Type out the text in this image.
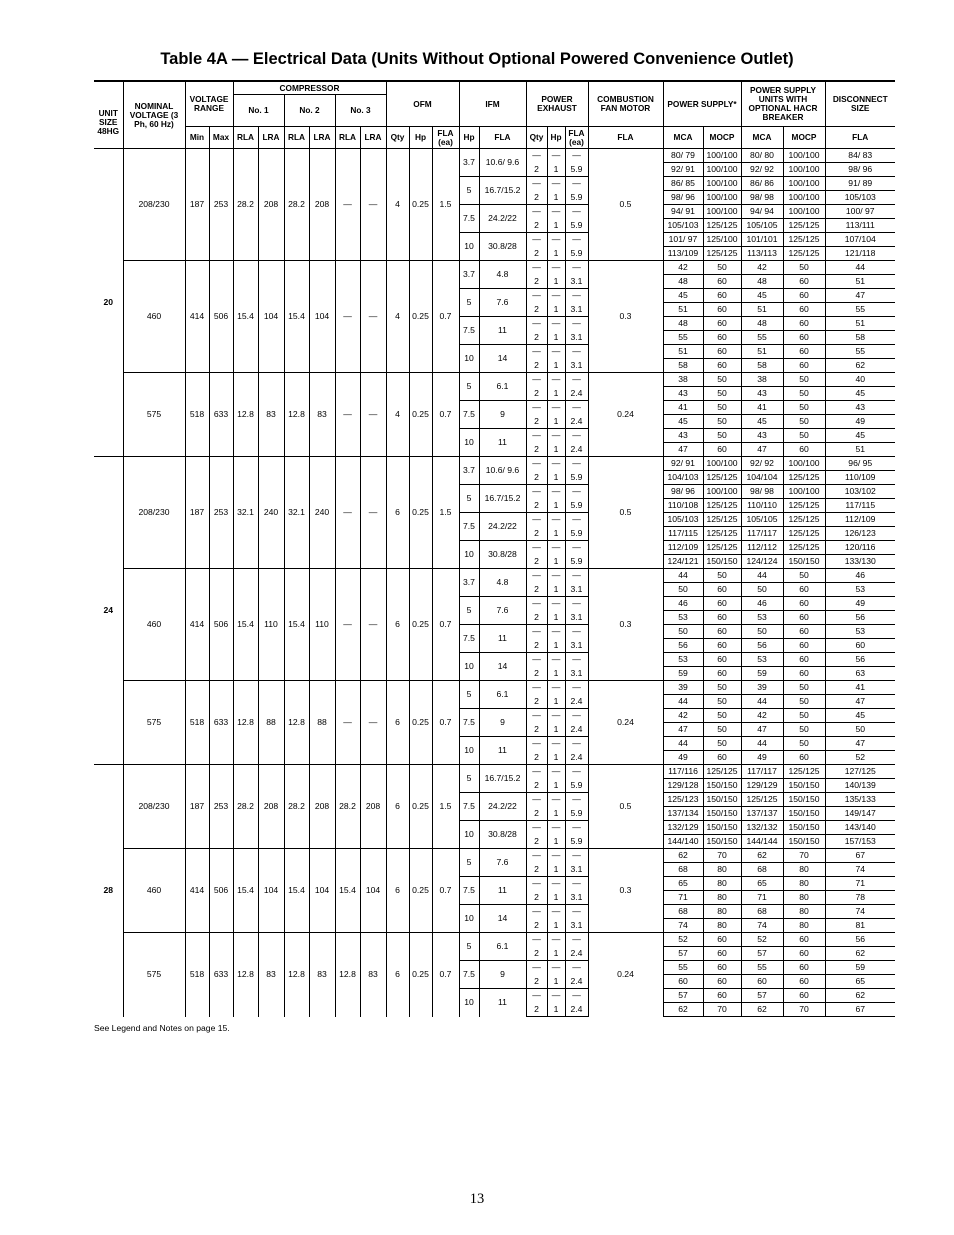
Table 4A — Electrical Data (Units Without Optional Powered Convenience Outlet)
UNIT SIZE 48HG	NOMINAL VOLTAGE (3 Ph, 60 Hz)	VOLTAGE RANGE		COMPRESSOR						OFM			IFM		POWER EXHAUST			COMBUSTION FAN MOTOR	POWER SUPPLY*		POWER SUPPLY UNITS WITH OPTIONAL HACR BREAKER		DISCONNECT SIZE
				No. 1		No. 2		No. 3															
		Min	Max	RLA	LRA	RLA	LRA	RLA	LRA	Qty	Hp	FLA (ea)	Hp	FLA	Qty	Hp	FLA (ea)	FLA	MCA	MOCP	MCA	MOCP	FLA
20	208/230	187	253	28.2	208	28.2	208	—	—	4	0.25	1.5	3.7	10.6/ 9.6	—	—	—	0.5	80/ 79	100/100	80/ 80	100/100	84/ 83
															2	1	5.9		92/ 91	100/100	92/ 92	100/100	98/ 96
													5	16.7/15.2	—	—	—		86/ 85	100/100	86/ 86	100/100	91/ 89
															2	1	5.9		98/ 96	100/100	98/ 98	100/100	105/103
													7.5	24.2/22	—	—	—		94/ 91	100/100	94/ 94	100/100	100/ 97
															2	1	5.9		105/103	125/125	105/105	125/125	113/111
													10	30.8/28	—	—	—		101/ 97	125/100	101/101	125/125	107/104
															2	1	5.9		113/109	125/125	113/113	125/125	121/118
	460	414	506	15.4	104	15.4	104	—	—	4	0.25	0.7	3.7	4.8	—	—	—	0.3	42	50	42	50	44
															2	1	3.1		48	60	48	60	51
													5	7.6	—	—	—		45	60	45	60	47
															2	1	3.1		51	60	51	60	55
													7.5	11	—	—	—		48	60	48	60	51
															2	1	3.1		55	60	55	60	58
													10	14	—	—	—		51	60	51	60	55
															2	1	3.1		58	60	58	60	62
	575	518	633	12.8	83	12.8	83	—	—	4	0.25	0.7	5	6.1	—	—	—	0.24	38	50	38	50	40
															2	1	2.4		43	50	43	50	45
													7.5	9	—	—	—		41	50	41	50	43
															2	1	2.4		45	50	45	50	49
													10	11	—	—	—		43	50	43	50	45
															2	1	2.4		47	60	47	60	51
24	208/230	187	253	32.1	240	32.1	240	—	—	6	0.25	1.5	3.7	10.6/ 9.6	—	—	—	0.5	92/ 91	100/100	92/ 92	100/100	96/ 95
															2	1	5.9		104/103	125/125	104/104	125/125	110/109
													5	16.7/15.2	—	—	—		98/ 96	100/100	98/ 98	100/100	103/102
															2	1	5.9		110/108	125/125	110/110	125/125	117/115
													7.5	24.2/22	—	—	—		105/103	125/125	105/105	125/125	112/109
															2	1	5.9		117/115	125/125	117/117	125/125	126/123
													10	30.8/28	—	—	—		112/109	125/125	112/112	125/125	120/116
															2	1	5.9		124/121	150/150	124/124	150/150	133/130
	460	414	506	15.4	110	15.4	110	—	—	6	0.25	0.7	3.7	4.8	—	—	—	0.3	44	50	44	50	46
															2	1	3.1		50	60	50	60	53
													5	7.6	—	—	—		46	60	46	60	49
															2	1	3.1		53	60	53	60	56
													7.5	11	—	—	—		50	60	50	60	53
															2	1	3.1		56	60	56	60	60
													10	14	—	—	—		53	60	53	60	56
															2	1	3.1		59	60	59	60	63
	575	518	633	12.8	88	12.8	88	—	—	6	0.25	0.7	5	6.1	—	—	—	0.24	39	50	39	50	41
															2	1	2.4		44	50	44	50	47
													7.5	9	—	—	—		42	50	42	50	45
															2	1	2.4		47	50	47	50	50
													10	11	—	—	—		44	50	44	50	47
															2	1	2.4		49	60	49	60	52
28	208/230	187	253	28.2	208	28.2	208	28.2	208	6	0.25	1.5	5	16.7/15.2	—	—	—	0.5	117/116	125/125	117/117	125/125	127/125
															2	1	5.9		129/128	150/150	129/129	150/150	140/139
													7.5	24.2/22	—	—	—		125/123	150/150	125/125	150/150	135/133
															2	1	5.9		137/134	150/150	137/137	150/150	149/147
													10	30.8/28	—	—	—		132/129	150/150	132/132	150/150	143/140
															2	1	5.9		144/140	150/150	144/144	150/150	157/153
	460	414	506	15.4	104	15.4	104	15.4	104	6	0.25	0.7	5	7.6	—	—	—	0.3	62	70	62	70	67
															2	1	3.1		68	80	68	80	74
													7.5	11	—	—	—		65	80	65	80	71
															2	1	3.1		71	80	71	80	78
													10	14	—	—	—		68	80	68	80	74
															2	1	3.1		74	80	74	80	81
	575	518	633	12.8	83	12.8	83	12.8	83	6	0.25	0.7	5	6.1	—	—	—	0.24	52	60	52	60	56
															2	1	2.4		57	60	57	60	62
													7.5	9	—	—	—		55	60	55	60	59
															2	1	2.4		60	60	60	60	65
													10	11	—	—	—		57	60	57	60	62
															2	1	2.4		62	70	62	70	67
See Legend and Notes on page 15.
13
